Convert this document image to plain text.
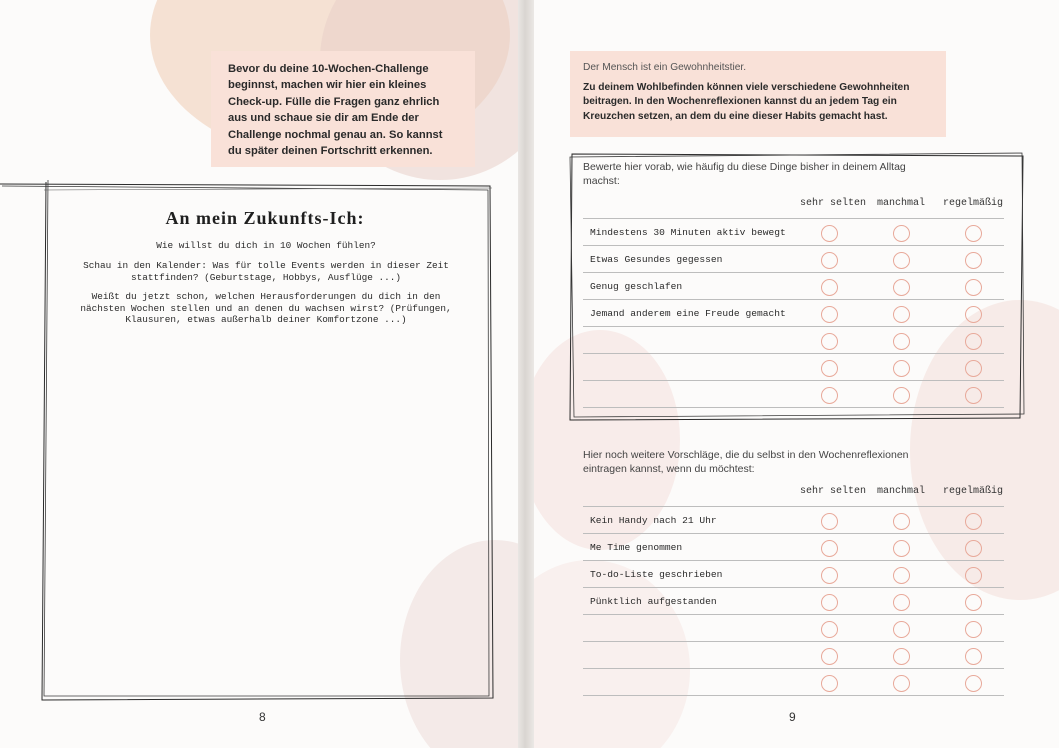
Bevor du deine 10-Wochen-Challenge beginnst, machen wir hier ein kleines Check-up. Fülle die Fragen ganz ehrlich aus und schaue sie dir am Ende der Challenge nochmal genau an. So kannst du später deinen Fortschritt erkennen.
An mein Zukunfts-Ich:
Wie willst du dich in 10 Wochen fühlen?
Schau in den Kalender: Was für tolle Events werden in dieser Zeit stattfinden? (Geburtstage, Hobbys, Ausflüge ...)
Weißt du jetzt schon, welchen Herausforderungen du dich in den nächsten Wochen stellen und an denen du wachsen wirst? (Prüfungen, Klausuren, etwas außerhalb deiner Komfortzone ...)
8
Der Mensch ist ein Gewohnheitstier.
Zu deinem Wohlbefinden können viele verschiedene Gewohnheiten beitragen. In den Wochenreflexionen kannst du an jedem Tag ein Kreuzchen setzen, an dem du eine dieser Habits gemacht hast.
Bewerte hier vorab, wie häufig du diese Dinge bisher in deinem Alltag machst:
sehr selten manchmal regelmäßig
Mindestens 30 Minuten aktiv bewegt
Etwas Gesundes gegessen
Genug geschlafen
Jemand anderem eine Freude gemacht
Hier noch weitere Vorschläge, die du selbst in den Wochenreflexionen eintragen kannst, wenn du möchtest:
sehr selten manchmal regelmäßig
Kein Handy nach 21 Uhr
Me Time genommen
To-do-Liste geschrieben
Pünktlich aufgestanden
9
